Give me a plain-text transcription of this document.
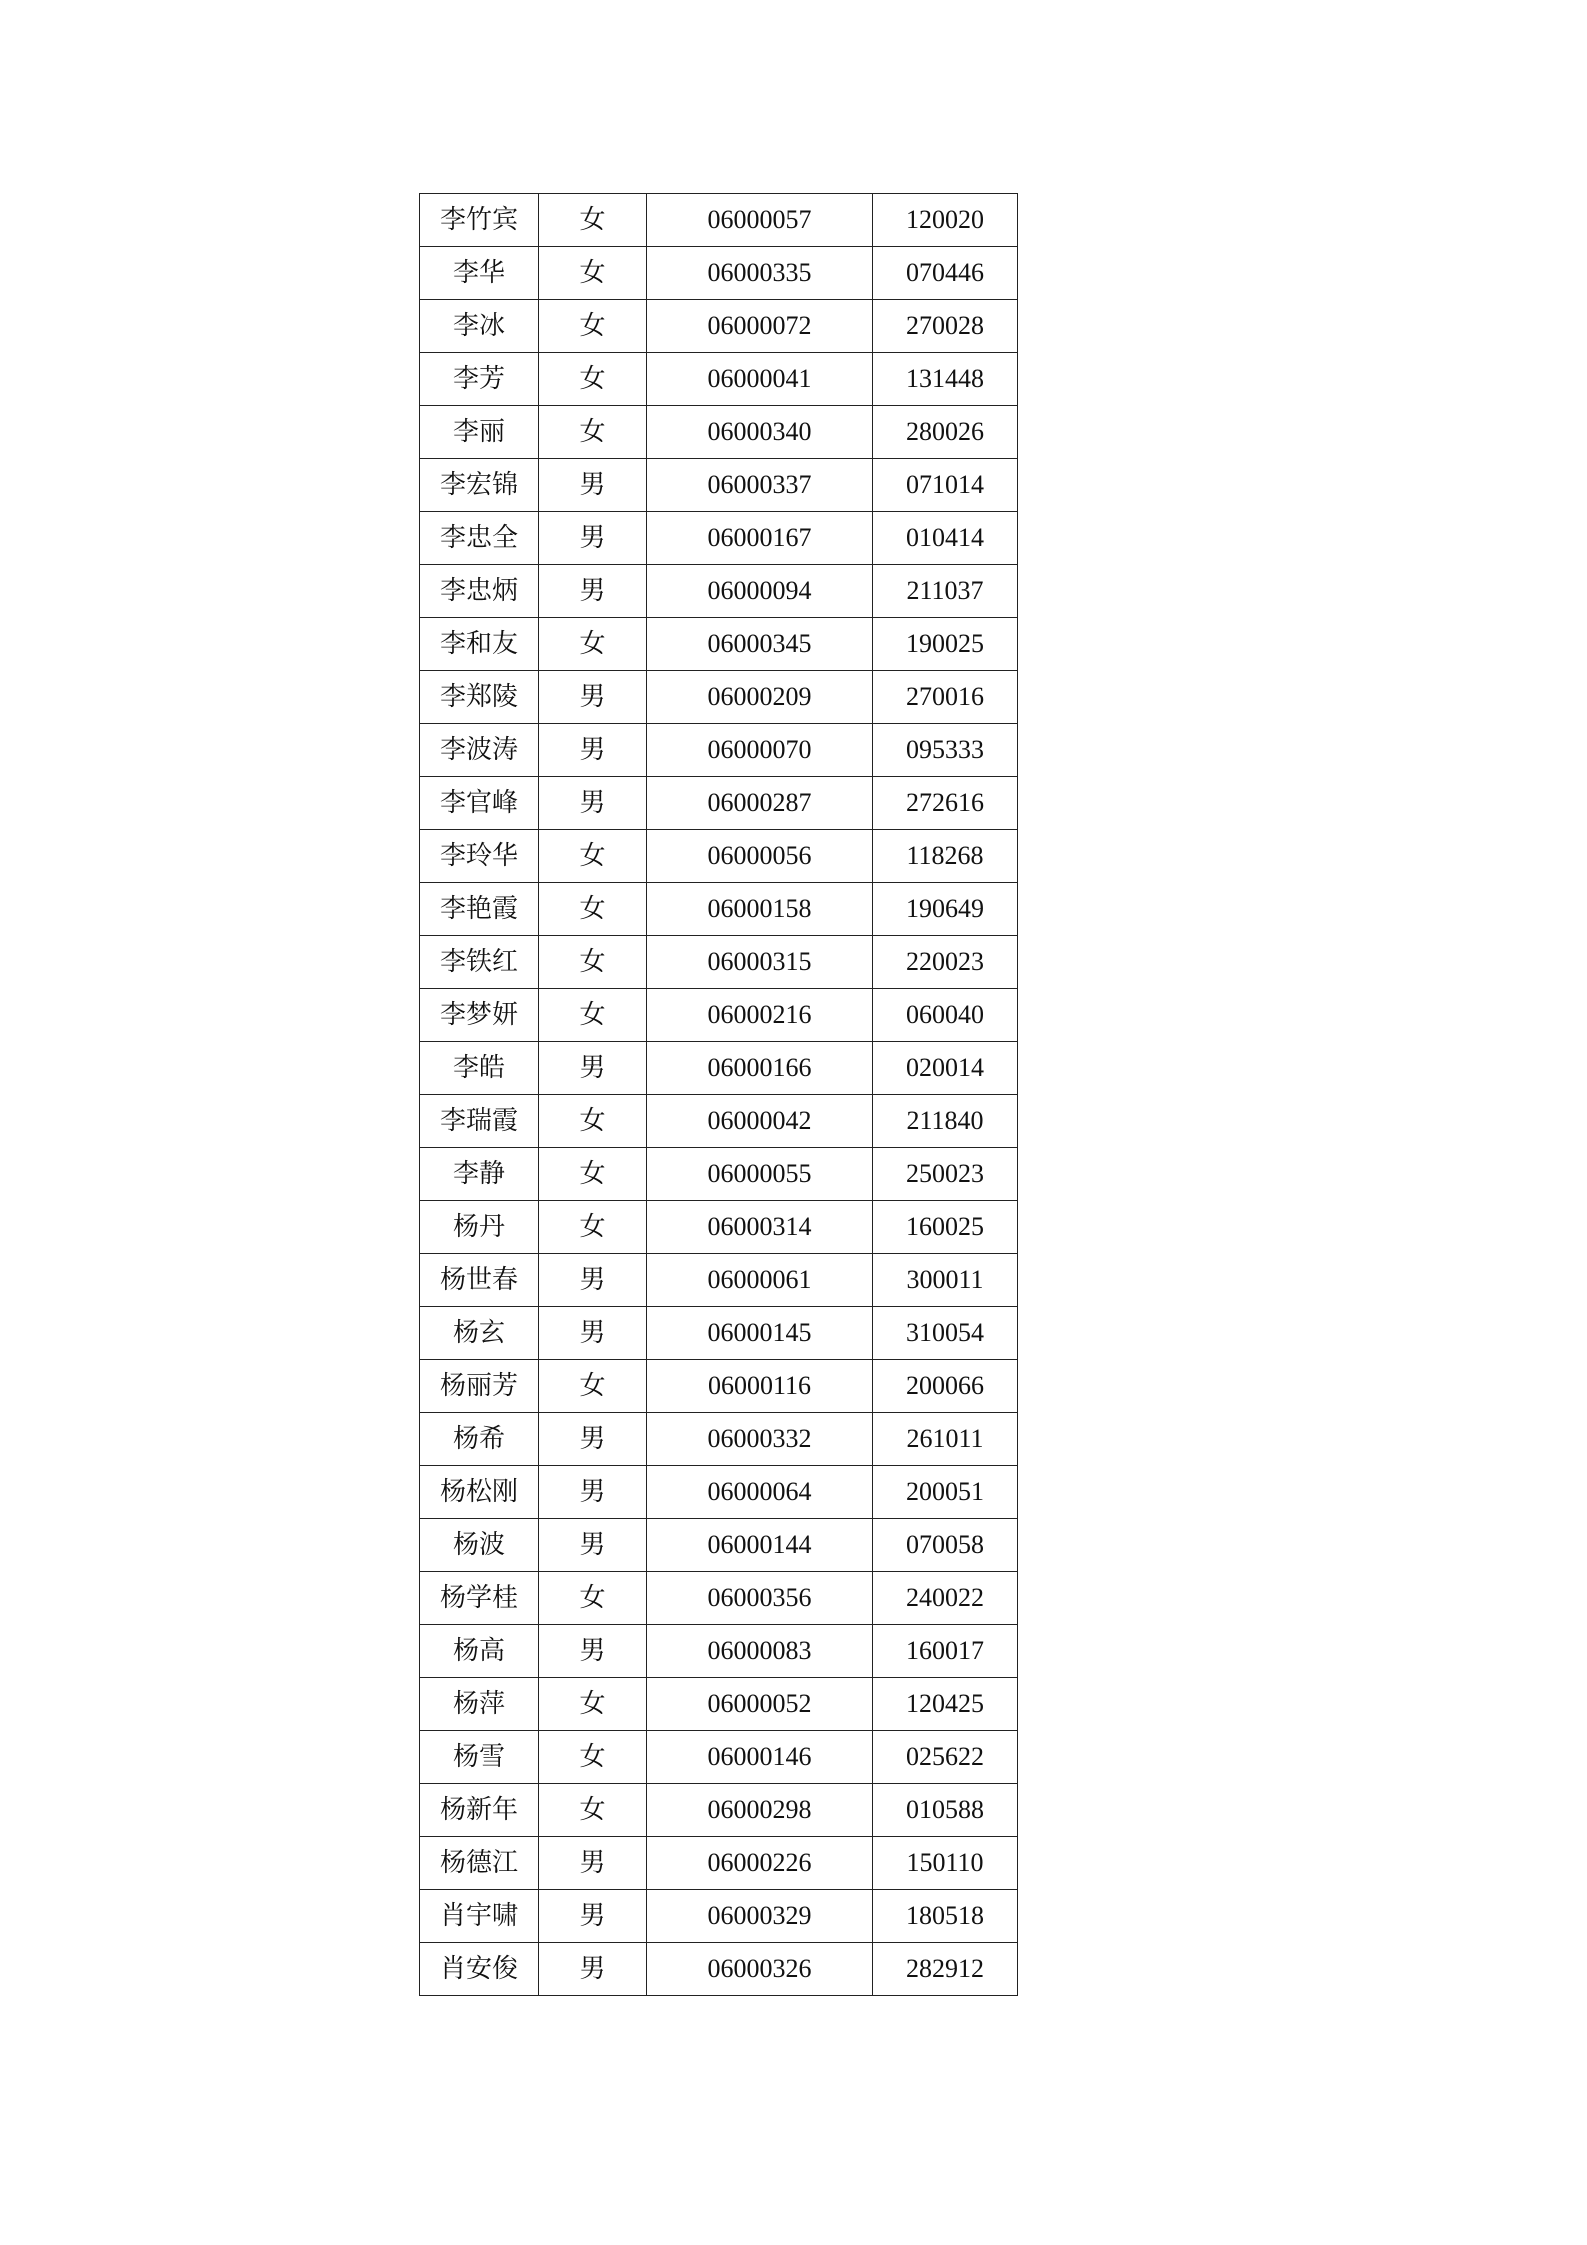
李竹宾	女	06000057	120020
李华	女	06000335	070446
李冰	女	06000072	270028
李芳	女	06000041	131448
李丽	女	06000340	280026
李宏锦	男	06000337	071014
李忠全	男	06000167	010414
李忠炳	男	06000094	211037
李和友	女	06000345	190025
李郑陵	男	06000209	270016
李波涛	男	06000070	095333
李官峰	男	06000287	272616
李玲华	女	06000056	118268
李艳霞	女	06000158	190649
李铁红	女	06000315	220023
李梦妍	女	06000216	060040
李皓	男	06000166	020014
李瑞霞	女	06000042	211840
李静	女	06000055	250023
杨丹	女	06000314	160025
杨世春	男	06000061	300011
杨玄	男	06000145	310054
杨丽芳	女	06000116	200066
杨希	男	06000332	261011
杨松刚	男	06000064	200051
杨波	男	06000144	070058
杨学桂	女	06000356	240022
杨高	男	06000083	160017
杨萍	女	06000052	120425
杨雪	女	06000146	025622
杨新年	女	06000298	010588
杨德江	男	06000226	150110
肖宇啸	男	06000329	180518
肖安俊	男	06000326	282912
